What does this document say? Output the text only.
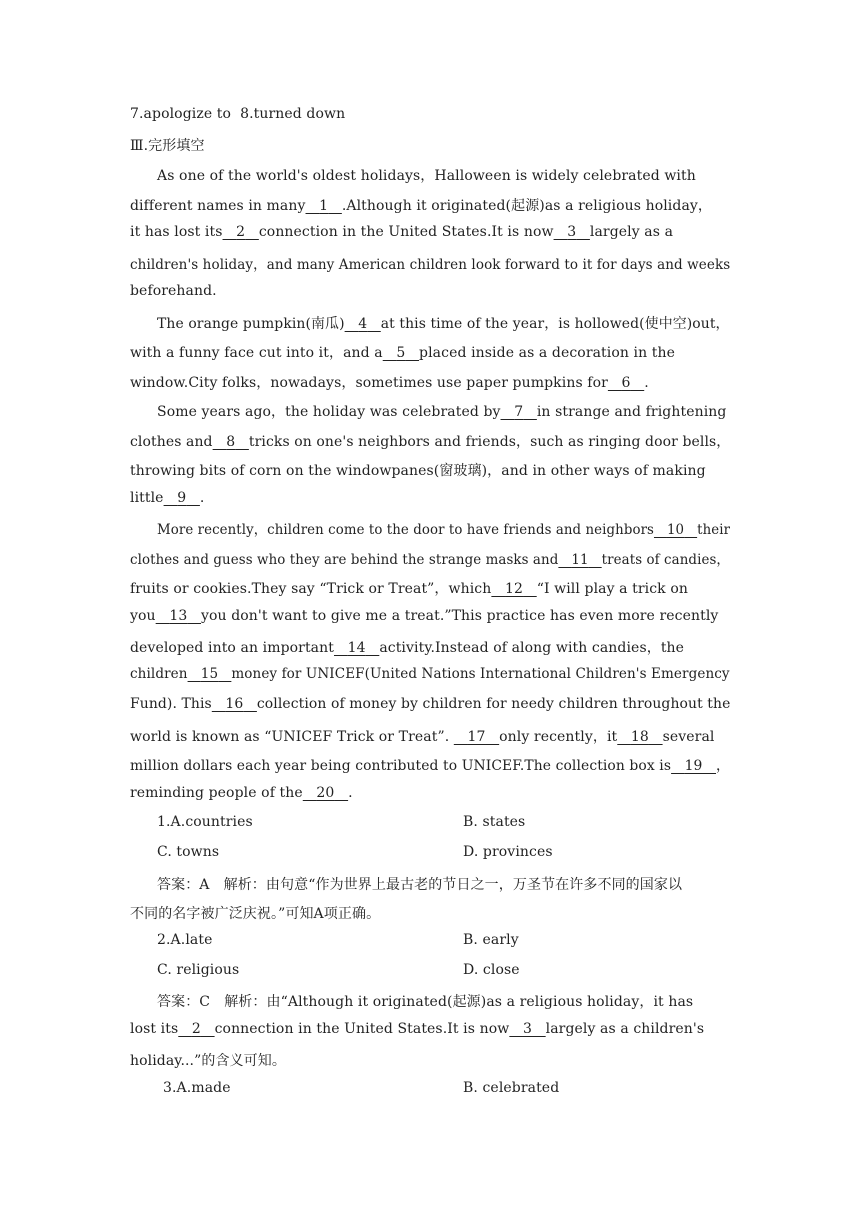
7.apologize to  8.turned down
Ⅲ.完形填空
As one of the world's oldest holidays，Halloween is widely celebrated with
different names in many 1 .Although it originated(起源)as a religious holiday，
it has lost its 2 connection in the United States.It is now 3 largely as a
children's holiday，and many American children look forward to it for days and weeks
beforehand.
The orange pumpkin(南瓜) 4 at this time of the year，is hollowed(使中空)out，
with a funny face cut into it，and a 5 placed inside as a decoration in the
window.City folks，nowadays，sometimes use paper pumpkins for 6 .
Some years ago，the holiday was celebrated by 7 in strange and frightening
clothes and 8 tricks on one's neighbors and friends，such as ringing door bells，
throwing bits of corn on the windowpanes(窗玻璃)，and in other ways of making
little 9 .
More recently，children come to the door to have friends and neighbors 10 their
clothes and guess who they are behind the strange masks and 11 treats of candies，
fruits or cookies.They say “Trick or Treat”，which 12 “I will play a trick on
you 13 you don't want to give me a treat.”This practice has even more recently
developed into an important 14 activity.Instead of along with candies，the
children 15 money for UNICEF(United Nations International Children's Emergency
Fund). This 16 collection of money by children for needy children throughout the
world is known as “UNICEF Trick or Treat”. 17 only recently，it 18 several
million dollars each year being contributed to UNICEF.The collection box is 19 ，
reminding people of the 20 .
1.A.countries	B. states
C. towns	D. provinces
答案：A　解析：由句意“作为世界上最古老的节日之一，万圣节在许多不同的国家以
不同的名字被广泛庆祝。”可知A项正确。
2.A.late	B. early
C. religious	D. close
答案：C　解析：由“Although it originated(起源)as a religious holiday，it has
lost its 2 connection in the United States.It is now 3 largely as a children's
holiday...”的含义可知。
3.A.made	B. celebrated
